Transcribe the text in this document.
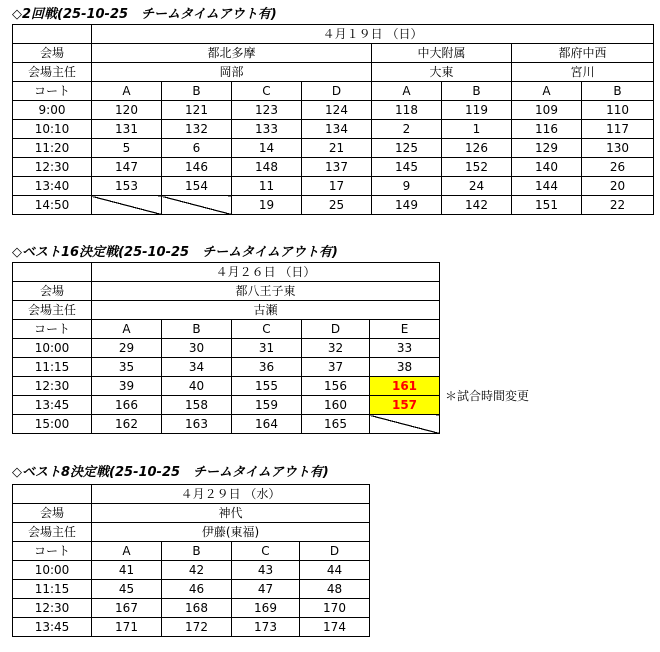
◇2回戦(25-10-25　チームタイムアウト有)
	４月１９日 （日）							
会場	都北多摩				中大附属		都府中西	
会場主任	岡部				大東		宮川	
コート	A	B	C	D	A	B	A	B
9:00	120	121	123	124	118	119	109	110
10:10	131	132	133	134	2	1	116	117
11:20	5	6	14	21	125	126	129	130
12:30	147	146	148	137	145	152	140	26
13:40	153	154	11	17	9	24	144	20
14:50			19	25	149	142	151	22
◇ベスト16決定戦(25-10-25　チームタイムアウト有)
	４月２６日 （日）				
会場	都八王子東				
会場主任	古瀬				
コート	A	B	C	D	E
10:00	29	30	31	32	33
11:15	35	34	36	37	38
12:30	39	40	155	156	161
13:45	166	158	159	160	157
15:00	162	163	164	165	
＊試合時間変更
◇ベスト8決定戦(25-10-25　チームタイムアウト有)
	４月２９日 （水）			
会場	神代			
会場主任	伊藤(東福)			
コート	A	B	C	D
10:00	41	42	43	44
11:15	45	46	47	48
12:30	167	168	169	170
13:45	171	172	173	174
